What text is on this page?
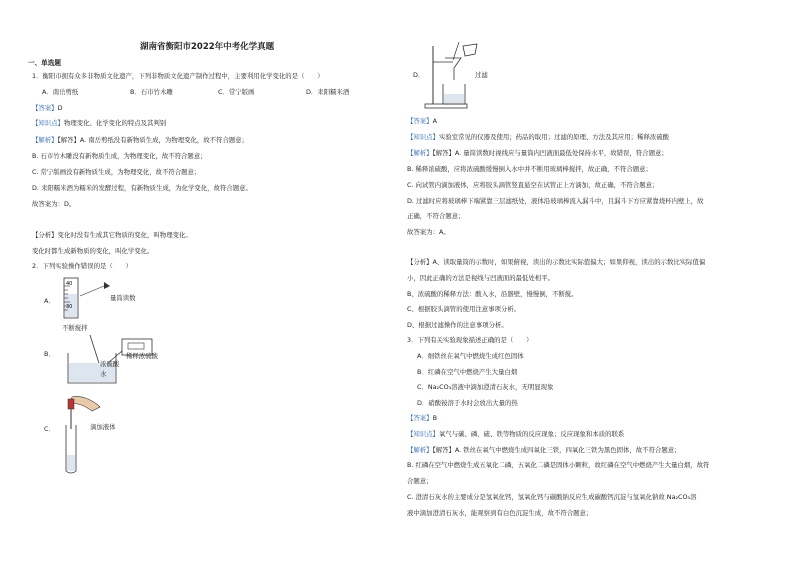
湖南省衡阳市2022年中考化学真题
一、单选题
1．衡阳市拥有众多非物质文化遗产，下列非物质文化遗产制作过程中，主要利用化学变化的是（　　）
A．南岳剪纸	B．石市竹木雕	C．常宁版画	D．耒阳糯米酒
【答案】D
【知识点】物理变化、化学变化的特点及其判别
【解析】【解答】A. 南岳剪纸没有新物质生成，为物理变化，故不符合题意；
B. 石市竹木雕没有新物质生成，为物理变化，故不符合题意；
C. 常宁版画没有新物质生成，为物理变化，故不符合题意；
D. 耒阳糯米酒为糯米的发酵过程，有新物质生成，为化学变化，故符合题意。
故答案为：D。
【分析】变化时没有生成其它物质的变化，叫物理变化。
变化时都生成新物质的变化，叫化学变化。
2．下列实验操作错误的是（　　）
A．
40
30
量筒读数
B．
不断搅拌
稀释浓硫酸
浓硫酸
水
C．	滴加液体
D．	过滤
【答案】A
【知识点】实验室常见的仪器及使用；药品的取用；过滤的原理、方法及其应用；稀释浓硫酸
【解析】【解答】A. 量筒读数时视线应与量筒内凹液面最低处保持水平，故错误，符合题意；
B. 稀释浓硫酸，应将浓硫酸缓慢倒入水中并不断用玻璃棒搅拌，故正确，不符合题意；
C. 向试管内滴加液体，应将胶头滴管竖直悬空在试管正上方滴加，故正确，不符合题意；
D. 过滤时应将玻璃棒下端紧靠三层滤纸处，液体沿玻璃棒流入漏斗中，且漏斗下方应紧靠烧杯内壁上，故
正确，不符合题意；
故答案为：A。
【分析】A、读取量筒的示数时，如果俯视，读出的示数比实际值偏大；如果仰视，读出的示数比实际值偏
小，因此正确的方法是视线与凹液面的最低处相平。
B、浓硫酸的稀释方法：酸入水，沿器壁，慢慢倒，不断搅。
C、根据胶头滴管的使用注意事项分析。
D、根据过滤操作的注意事项分析。
3．下列有关实验现象描述正确的是（　　）
A．细铁丝在氧气中燃烧生成红色固体
B．红磷在空气中燃烧产生大量白烟
C．Na₂CO₃溶液中滴加澄清石灰水，无明显现象
D．硝酸铵溶于水时会放出大量的热
【答案】B
【知识点】氧气与碳、磷、硫、铁等物质的反应现象；反应现象和本质的联系
【解析】【解答】A. 铁丝在氧气中燃烧生成四氧化三铁，四氧化三铁为黑色固体，故不符合题意；
B. 红磷在空气中燃烧生成五氧化二磷，五氧化二磷是固体小颗粒，故红磷在空气中燃烧产生大量白烟，故符
合题意；
C. 澄清石灰水的主要成分是氢氧化钙，氢氧化钙与碳酸钠反应生成碳酸钙沉淀与氢氧化钠故 Na₂CO₃溶
液中滴加澄清石灰水，能观察到有白色沉淀生成，故不符合题意；
